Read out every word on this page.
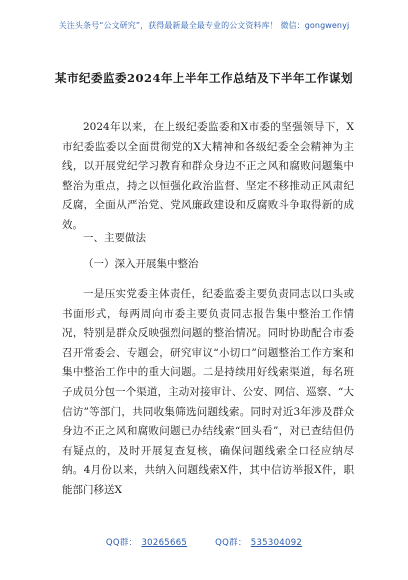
关注头条号“公文研究”，获得最新最全最专业的公文资料库！ 微信：gongwenyj
某市纪委监委2024年上半年工作总结及下半年工作谋划

2024年以来，在上级纪委监委和X市委的坚强领导下，X市纪委监委以全面贯彻党的X大精神和各级纪委全会精神为主线，以开展党纪学习教育和群众身边不正之风和腐败问题集中整治为重点，持之以恒强化政治监督、坚定不移推动正风肃纪反腐，全面从严治党、党风廉政建设和反腐败斗争取得新的成效。

一、主要做法
（一）深入开展集中整治

一是压实党委主体责任，纪委监委主要负责同志以口头或书面形式，每两周向市委主要负责同志报告集中整治工作情况，特别是群众反映强烈问题的整治情况。同时协助配合市委召开常委会、专题会，研究审议“小切口”问题整治工作方案和集中整治工作中的重大问题。二是持续用好线索渠道，每名班子成员分包一个渠道，主动对接审计、公安、网信、巡察、“大信访”等部门，共同收集筛选问题线索。同时对近3年涉及群众身边不正之风和腐败问题已办结线索“回头看”，对已查结但仍有疑点的，及时开展复查复核，确保问题线索全口径应纳尽纳。4月份以来，共纳入问题线索X件，其中信访举报X件，职能部门移送X

QQ群： 30265665	QQ群： 535304092
